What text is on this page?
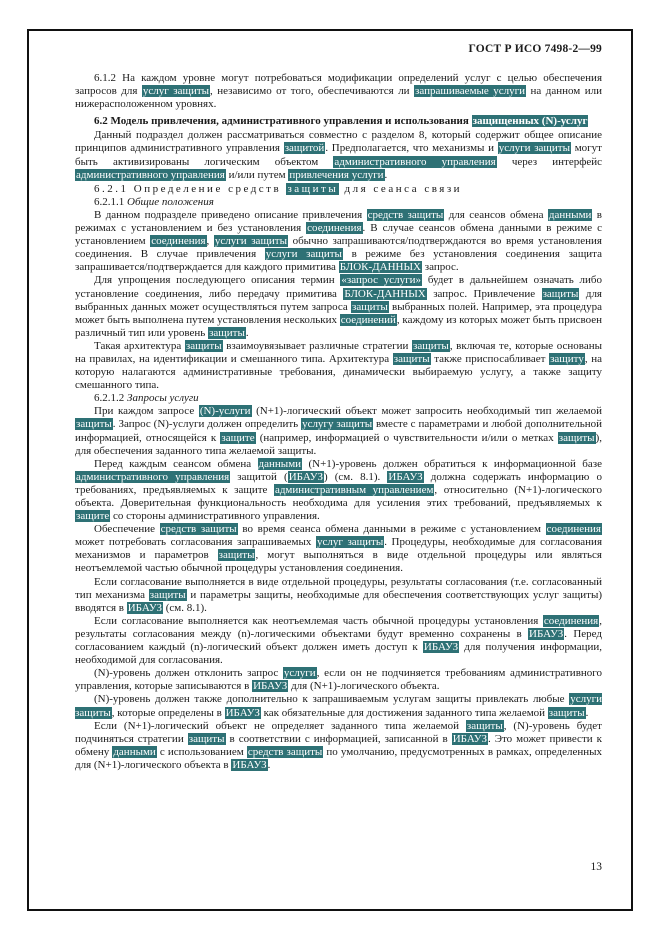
ГОСТ Р ИСО 7498-2—99

6.1.2 На каждом уровне могут потребоваться модификации определений услуг с целью обеспечения запросов для услуг защиты, независимо от того, обеспечиваются ли запрашиваемые услуги на данном или нижерасположенном уровнях.

6.2 Модель привлечения, административного управления и использования защищенных (N)-услуг

Данный подраздел должен рассматриваться совместно с разделом 8, который содержит общее описание принципов административного управления защитой. Предполагается, что механизмы и услуги защиты могут быть активизированы логическим объектом административного управления через интерфейс административного управления и/или путем привлечения услуги.

6.2.1 Определение средств защиты для сеанса связи

6.2.1.1 Общие положения

В данном подразделе приведено описание привлечения средств защиты для сеансов обмена данными в режимах с установлением и без установления соединения. В случае сеансов обмена данными в режиме с установлением соединения, услуги защиты обычно запрашиваются/подтверждаются во время установления соединения. В случае привлечения услуги защиты в режиме без установления соединения защита запрашивается/подтверждается для каждого примитива БЛОК-ДАННЫХ запрос.

Для упрощения последующего описания термин «запрос услуги» будет в дальнейшем означать либо установление соединения, либо передачу примитива БЛОК-ДАННЫХ запрос. Привлечение защиты для выбранных данных может осуществляться путем запроса защиты выбранных полей. Например, эта процедура может быть выполнена путем установления нескольких соединений, каждому из которых может быть присвоен различный тип или уровень защиты.

Такая архитектура защиты взаимоувязывает различные стратегии защиты, включая те, которые основаны на правилах, на идентификации и смешанного типа. Архитектура защиты также приспосабливает защиту, на которую налагаются административные требования, динамически выбираемую услугу, а также защиту смешанного типа.

6.2.1.2 Запросы услуги

При каждом запросе (N)-услуги (N+1)-логический объект может запросить необходимый тип желаемой защиты. Запрос (N)-услуги должен определить услугу защиты вместе с параметрами и любой дополнительной информацией, относящейся к защите (например, информацией о чувствительности и/или о метках защиты), для обеспечения заданного типа желаемой защиты.

Перед каждым сеансом обмена данными (N+1)-уровень должен обратиться к информационной базе административного управления защитой (ИБАУЗ) (см. 8.1). ИБАУЗ должна содержать информацию о требованиях, предъявляемых к защите административным управлением, относительно (N+1)-логического объекта. Доверительная функциональность необходима для усиления этих требований, предъявляемых к защите со стороны административного управления.

Обеспечение средств защиты во время сеанса обмена данными в режиме с установлением соединения может потребовать согласования запрашиваемых услуг защиты. Процедуры, необходимые для согласования механизмов и параметров защиты, могут выполняться в виде отдельной процедуры или являться неотъемлемой частью обычной процедуры установления соединения.

Если согласование выполняется в виде отдельной процедуры, результаты согласования (т.е. согласованный тип механизма защиты и параметры защиты, необходимые для обеспечения соответствующих услуг защиты) вводятся в ИБАУЗ (см. 8.1).

Если согласование выполняется как неотъемлемая часть обычной процедуры установления соединения, результаты согласования между (n)-логическими объектами будут временно сохранены в ИБАУЗ. Перед согласованием каждый (n)-логический объект должен иметь доступ к ИБАУЗ для получения информации, необходимой для согласования.

(N)-уровень должен отклонить запрос услуги, если он не подчиняется требованиям административного управления, которые записываются в ИБАУЗ для (N+1)-логического объекта.

(N)-уровень должен также дополнительно к запрашиваемым услугам защиты привлекать любые услуги защиты, которые определены в ИБАУЗ как обязательные для достижения заданного типа желаемой защиты.

Если (N+1)-логический объект не определяет заданного типа желаемой защиты, (N)-уровень будет подчиняться стратегии защиты в соответствии с информацией, записанной в ИБАУЗ. Это может привести к обмену данными с использованием средств защиты по умолчанию, предусмотренных в рамках, определенных для (N+1)-логического объекта в ИБАУЗ.

13
